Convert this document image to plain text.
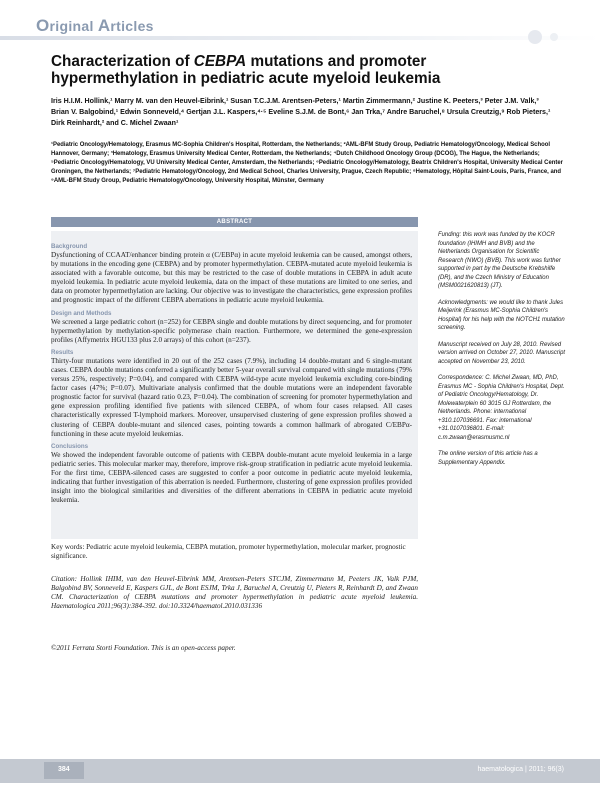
Original Articles
Characterization of CEBPA mutations and promoter hypermethylation in pediatric acute myeloid leukemia

Iris H.I.M. Hollink,¹ Marry M. van den Heuvel-Eibrink,¹ Susan T.C.J.M. Arentsen-Peters,¹ Martin Zimmermann,² Justine K. Peeters,³ Peter J.M. Valk,³ Brian V. Balgobind,¹ Edwin Sonneveld,⁴ Gertjan J.L. Kaspers,⁴·⁵ Eveline S.J.M. de Bont,⁶ Jan Trka,⁷ Andre Baruchel,⁸ Ursula Creutzig,⁹ Rob Pieters,¹ Dirk Reinhardt,² and C. Michel Zwaan¹

¹Pediatric Oncology/Hematology, Erasmus MC-Sophia Children's Hospital, Rotterdam, the Netherlands; ²AML-BFM Study Group, Pediatric Hematology/Oncology, Medical School Hannover, Germany; ³Hematology, Erasmus University Medical Center, Rotterdam, the Netherlands; ⁴Dutch Childhood Oncology Group (DCOG), The Hague, the Netherlands; ⁵Pediatric Oncology/Hematology, VU University Medical Center, Amsterdam, the Netherlands; ⁶Pediatric Oncology/Hematology, Beatrix Children's Hospital, University Medical Center Groningen, the Netherlands; ⁷Pediatric Hematology/Oncology, 2nd Medical School, Charles University, Prague, Czech Republic; ⁸Hematology, Hôpital Saint-Louis, Paris, France, and ⁹AML-BFM Study Group, Pediatric Hematology/Oncology, University Hospital, Münster, Germany

ABSTRACT
Background

Dysfunctioning of CCAAT/enhancer binding protein α (C/EBPα) in acute myeloid leukemia can be caused, amongst others, by mutations in the encoding gene (CEBPA) and by promoter hypermethylation. CEBPA-mutated acute myeloid leukemia is associated with a favorable outcome, but this may be restricted to the case of double mutations in CEBPA in adult acute myeloid leukemia. In pediatric acute myeloid leukemia, data on the impact of these mutations are limited to one series, and data on promoter hypermethylation are lacking. Our objective was to investigate the characteristics, gene expression profiles and prognostic impact of the different CEBPA aberrations in pediatric acute myeloid leukemia.

Design and Methods

We screened a large pediatric cohort (n=252) for CEBPA single and double mutations by direct sequencing, and for promoter hypermethylation by methylation-specific polymerase chain reaction. Furthermore, we determined the gene-expression profiles (Affymetrix HGU133 plus 2.0 arrays) of this cohort (n=237).

Results

Thirty-four mutations were identified in 20 out of the 252 cases (7.9%), including 14 double-mutant and 6 single-mutant cases. CEBPA double mutations conferred a significantly better 5-year overall survival compared with single mutations (79% versus 25%, respectively; P=0.04), and compared with CEBPA wild-type acute myeloid leukemia excluding core-binding factor cases (47%; P=0.07). Multivariate analysis confirmed that the double mutations were an independent favorable prognostic factor for survival (hazard ratio 0.23, P=0.04). The combination of screening for promoter hypermethylation and gene expression profiling identified five patients with silenced CEBPA, of whom four cases relapsed. All cases characteristically expressed T-lymphoid markers. Moreover, unsupervised clustering of gene expression profiles showed a clustering of CEBPA double-mutant and silenced cases, pointing towards a common hallmark of abrogated C/EBPα-functioning in these acute myeloid leukemias.

Conclusions

We showed the independent favorable outcome of patients with CEBPA double-mutant acute myeloid leukemia in a large pediatric series. This molecular marker may, therefore, improve risk-group stratification in pediatric acute myeloid leukemia. For the first time, CEBPA-silenced cases are suggested to confer a poor outcome in pediatric acute myeloid leukemia, indicating that further investigation of this aberration is needed. Furthermore, clustering of gene expression profiles provided insight into the biological similarities and diversities of the different aberrations in CEBPA in pediatric acute myeloid leukemia.

Key words: Pediatric acute myeloid leukemia, CEBPA mutation, promoter hypermethylation, molecular marker, prognostic significance.

Citation: Hollink IHIM, van den Heuvel-Eibrink MM, Arentsen-Peters STCJM, Zimmermann M, Peeters JK, Valk PJM, Balgobind BV, Sonneveld E, Kaspers GJL, de Bont ESJM, Trka J, Baruchel A, Creutzig U, Pieters R, Reinhardt D, and Zwaan CM. Characterization of CEBPA mutations and promoter hypermethylation in pediatric acute myeloid leukemia. Haematologica 2011;96(3):384-392. doi:10.3324/haematol.2010.031336

©2011 Ferrata Storti Foundation. This is an open-access paper.

Funding: this work was funded by the KOCR foundation (IHIMH and BVB) and the Netherlands Organisation for Scientific Research (NWO) (BVB). This work was further supported in part by the Deutsche Krebshilfe (DR), and the Czech Ministry of Education (MSM0021620813) (JT).

Acknowledgments: we would like to thank Jules Meijerink (Erasmus MC-Sophia Children's Hospital) for his help with the NOTCH1 mutation screening.

Manuscript received on July 28, 2010. Revised version arrived on October 27, 2010. Manuscript accepted on November 23, 2010.

Correspondence: C. Michel Zwaan, MD, PhD, Erasmus MC - Sophia Children's Hospital, Dept. of Pediatric Oncology/Hematology, Dr. Molewaterplein 60 3015 GJ Rotterdam, the Netherlands. Phone: international +310.107036691. Fax: international +31.0107036801. E-mail: c.m.zwaan@erasmusmc.nl

The online version of this article has a Supplementary Appendix.

384	haematologica | 2011; 96(3)
